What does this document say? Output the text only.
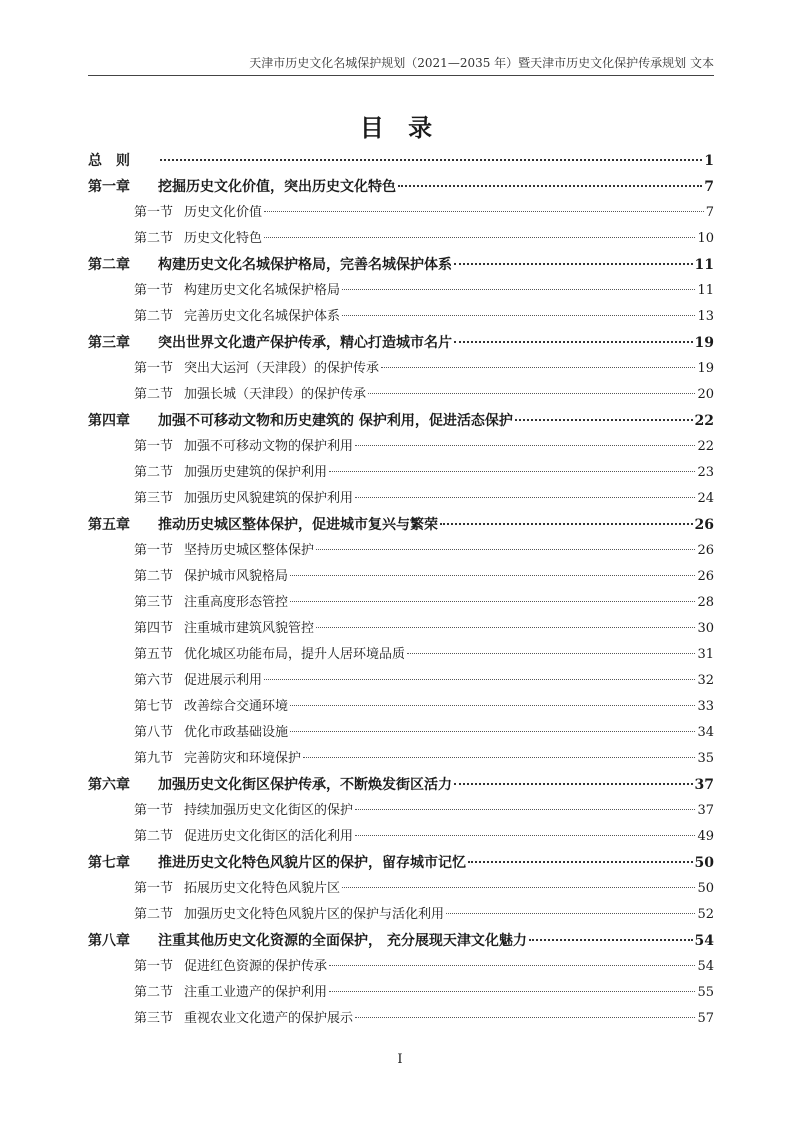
天津市历史文化名城保护规划（2021—2035 年）暨天津市历史文化保护传承规划 文本
目 录
总　则	1
第一章	挖掘历史文化价值，突出历史文化特色	7
第一节 历史文化价值	7
第二节 历史文化特色	10
第二章	构建历史文化名城保护格局，完善名城保护体系	11
第一节 构建历史文化名城保护格局	11
第二节 完善历史文化名城保护体系	13
第三章	突出世界文化遗产保护传承，精心打造城市名片	19
第一节 突出大运河（天津段）的保护传承	19
第二节 加强长城（天津段）的保护传承	20
第四章	加强不可移动文物和历史建筑的 保护利用，促进活态保护	22
第一节 加强不可移动文物的保护利用	22
第二节 加强历史建筑的保护利用	23
第三节 加强历史风貌建筑的保护利用	24
第五章	推动历史城区整体保护，促进城市复兴与繁荣	26
第一节 坚持历史城区整体保护	26
第二节 保护城市风貌格局	26
第三节 注重高度形态管控	28
第四节 注重城市建筑风貌管控	30
第五节 优化城区功能布局，提升人居环境品质	31
第六节 促进展示利用	32
第七节 改善综合交通环境	33
第八节 优化市政基础设施	34
第九节 完善防灾和环境保护	35
第六章	加强历史文化街区保护传承，不断焕发街区活力	37
第一节 持续加强历史文化街区的保护	37
第二节 促进历史文化街区的活化利用	49
第七章	推进历史文化特色风貌片区的保护，留存城市记忆	50
第一节 拓展历史文化特色风貌片区	50
第二节 加强历史文化特色风貌片区的保护与活化利用	52
第八章	注重其他历史文化资源的全面保护， 充分展现天津文化魅力	54
第一节 促进红色资源的保护传承	54
第二节 注重工业遗产的保护利用	55
第三节 重视农业文化遗产的保护展示	57
I
